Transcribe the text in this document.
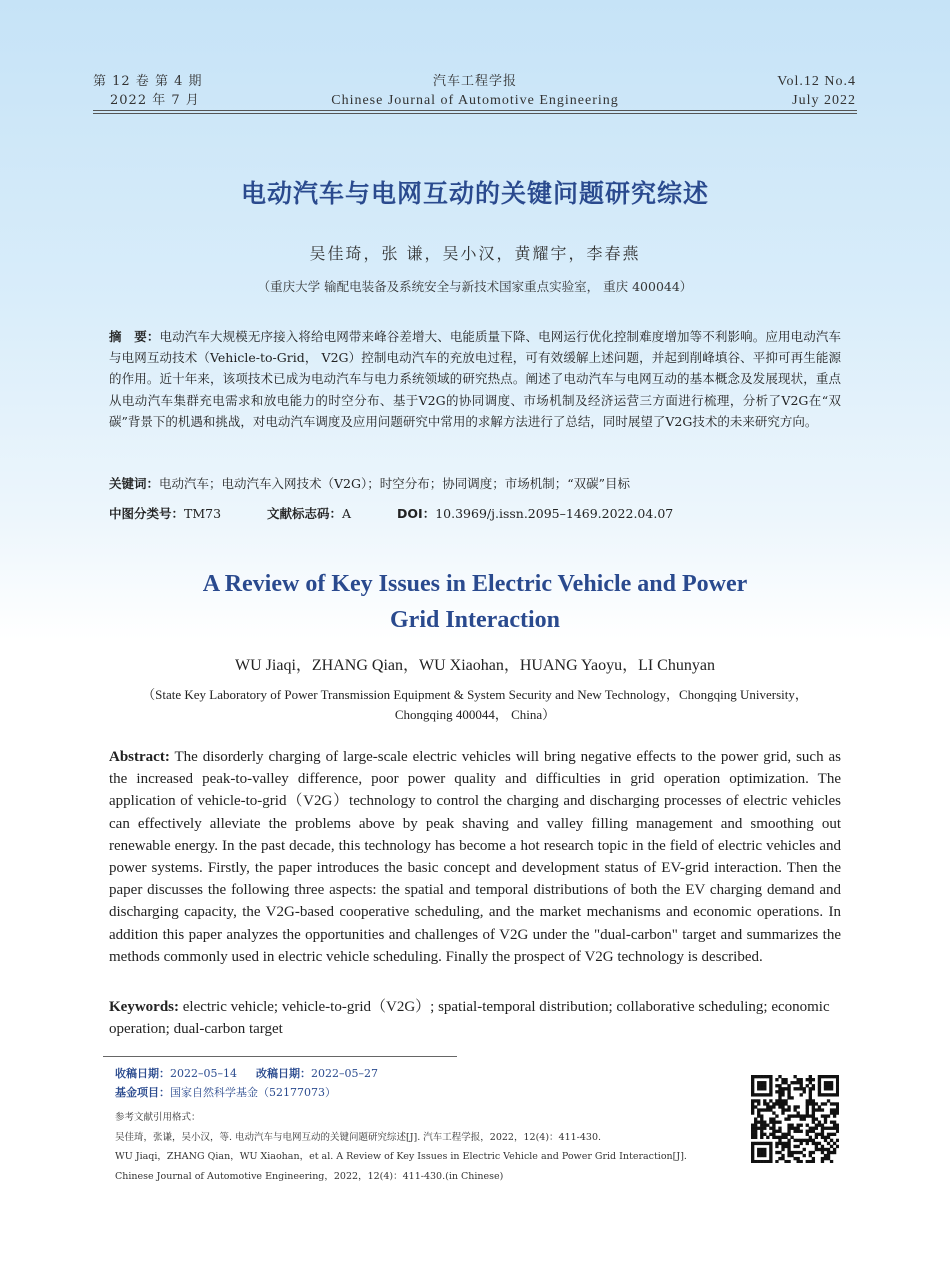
第 12 卷 第 4 期
2022 年 7 月
汽车工程学报
Chinese Journal of Automotive Engineering
Vol.12 No.4
July 2022
电动汽车与电网互动的关键问题研究综述
吴佳琦，张 谦，吴小汉，黄耀宇，李春燕
（重庆大学 输配电装备及系统安全与新技术国家重点实验室， 重庆 400044）
摘　要：电动汽车大规模无序接入将给电网带来峰谷差增大、电能质量下降、电网运行优化控制难度增加等不利影响。应用电动汽车与电网互动技术（Vehicle-to-Grid， V2G）控制电动汽车的充放电过程，可有效缓解上述问题，并起到削峰填谷、平抑可再生能源的作用。近十年来，该项技术已成为电动汽车与电力系统领域的研究热点。阐述了电动汽车与电网互动的基本概念及发展现状，重点从电动汽车集群充电需求和放电能力的时空分布、基于V2G的协同调度、市场机制及经济运营三方面进行梳理，分析了V2G在“双碳”背景下的机遇和挑战，对电动汽车调度及应用问题研究中常用的求解方法进行了总结，同时展望了V2G技术的未来研究方向。
关键词：电动汽车；电动汽车入网技术（V2G）；时空分布；协同调度；市场机制；“双碳”目标
中图分类号：TM73	文献标志码：A	DOI：10.3969/j.issn.2095–1469.2022.04.07
A Review of Key Issues in Electric Vehicle and Power
Grid Interaction
WU Jiaqi，ZHANG Qian，WU Xiaohan，HUANG Yaoyu，LI Chunyan
（State Key Laboratory of Power Transmission Equipment & System Security and New Technology，Chongqing University， Chongqing 400044， China）
Abstract: The disorderly charging of large-scale electric vehicles will bring negative effects to the power grid, such as the increased peak-to-valley difference, poor power quality and difficulties in grid operation optimization. The application of vehicle-to-grid（V2G）technology to control the charging and discharging processes of electric vehicles can effectively alleviate the problems above by peak shaving and valley filling management and smoothing out renewable energy. In the past decade, this technology has become a hot research topic in the field of electric vehicles and power systems. Firstly, the paper introduces the basic concept and development status of EV-grid interaction. Then the paper discusses the following three aspects: the spatial and temporal distributions of both the EV charging demand and discharging capacity, the V2G-based cooperative scheduling, and the market mechanisms and economic operations. In addition this paper analyzes the opportunities and challenges of V2G under the "dual-carbon" target and summarizes the methods commonly used in electric vehicle scheduling. Finally the prospect of V2G technology is described.
Keywords: electric vehicle; vehicle-to-grid（V2G）; spatial-temporal distribution; collaborative scheduling; economic operation; dual-carbon target
收稿日期：2022–05–14 改稿日期：2022–05–27
基金项目：国家自然科学基金（52177073）
参考文献引用格式：
吴佳琦，张谦，吴小汉，等. 电动汽车与电网互动的关键问题研究综述[J]. 汽车工程学报，2022，12(4)：411-430.
WU Jiaqi，ZHANG Qian，WU Xiaohan，et al. A Review of Key Issues in Electric Vehicle and Power Grid Interaction[J]. Chinese Journal of Automotive Engineering，2022，12(4)：411-430.(in Chinese)
